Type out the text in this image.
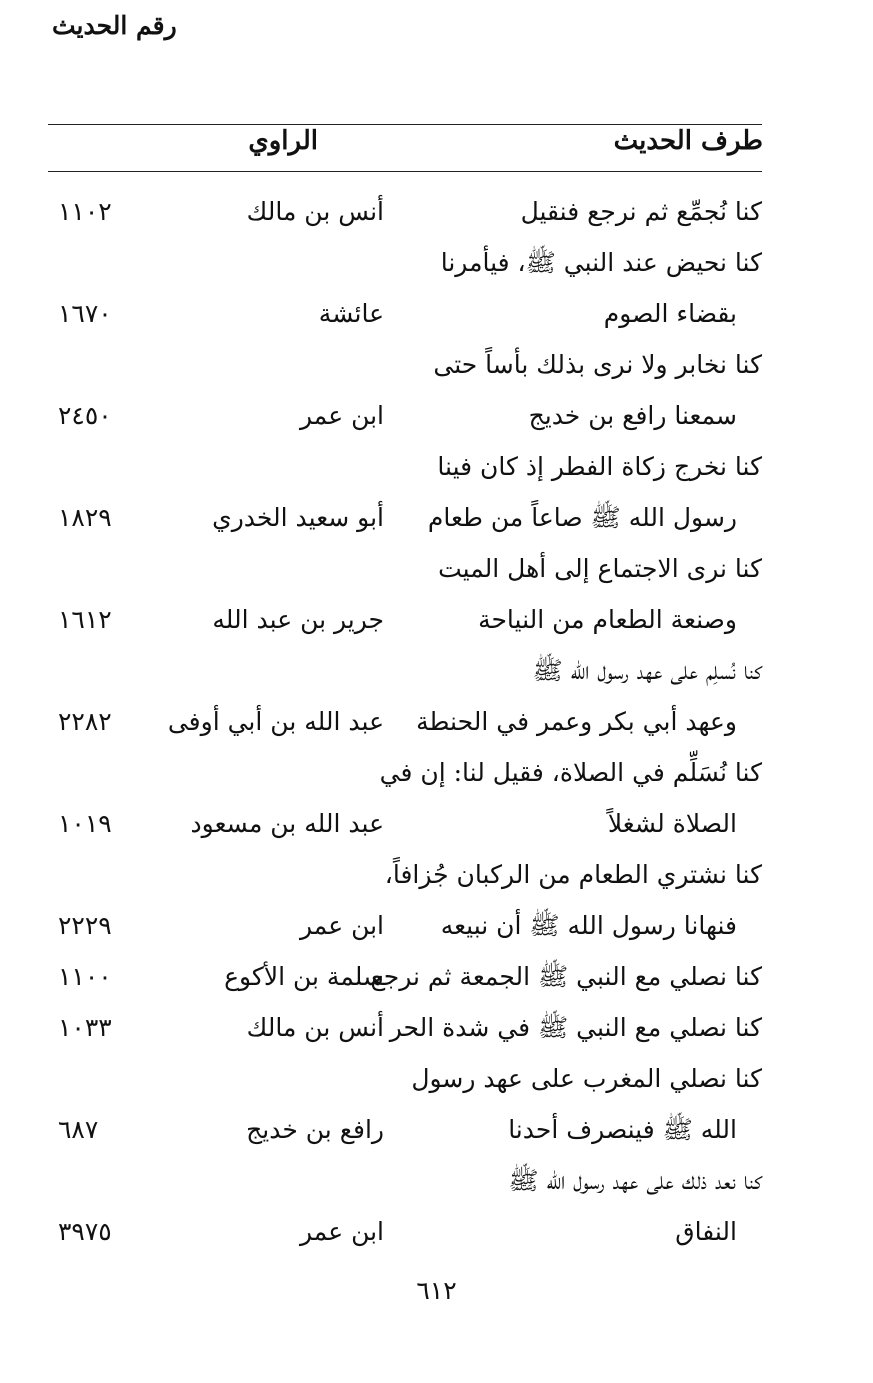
طرف الحديث
الراوي
رقم الحديث
كنا نُجمِّع ثم نرجع فنقيل
أنس بن مالك
١١٠٢
كنا نحيض عند النبي ﷺ، فيأمرنا
بقضاء الصوم
عائشة
١٦٧٠
كنا نخابر ولا نرى بذلك بأساً حتى
سمعنا رافع بن خديج
ابن عمر
٢٤٥٠
كنا نخرج زكاة الفطر إذ كان فينا
رسول الله ﷺ صاعاً من طعام
أبو سعيد الخدري
١٨٢٩
كنا نرى الاجتماع إلى أهل الميت
وصنعة الطعام من النياحة
جرير بن عبد الله
١٦١٢
كنا نُسلِم على عهد رسول الله ﷺ
وعهد أبي بكر وعمر في الحنطة
عبد الله بن أبي أوفى
٢٢٨٢
كنا نُسَلِّم في الصلاة، فقيل لنا: إن في
الصلاة لشغلاً
عبد الله بن مسعود
١٠١٩
كنا نشتري الطعام من الركبان جُزافاً،
فنهانا رسول الله ﷺ أن نبيعه
ابن عمر
٢٢٢٩
كنا نصلي مع النبي ﷺ الجمعة ثم نرجع
سلمة بن الأكوع
١١٠٠
كنا نصلي مع النبي ﷺ في شدة الحر
أنس بن مالك
١٠٣٣
كنا نصلي المغرب على عهد رسول
الله ﷺ فينصرف أحدنا
رافع بن خديج
٦٨٧
كنا نعد ذلك على عهد رسول الله ﷺ
النفاق
ابن عمر
٣٩٧٥
٦١٢
